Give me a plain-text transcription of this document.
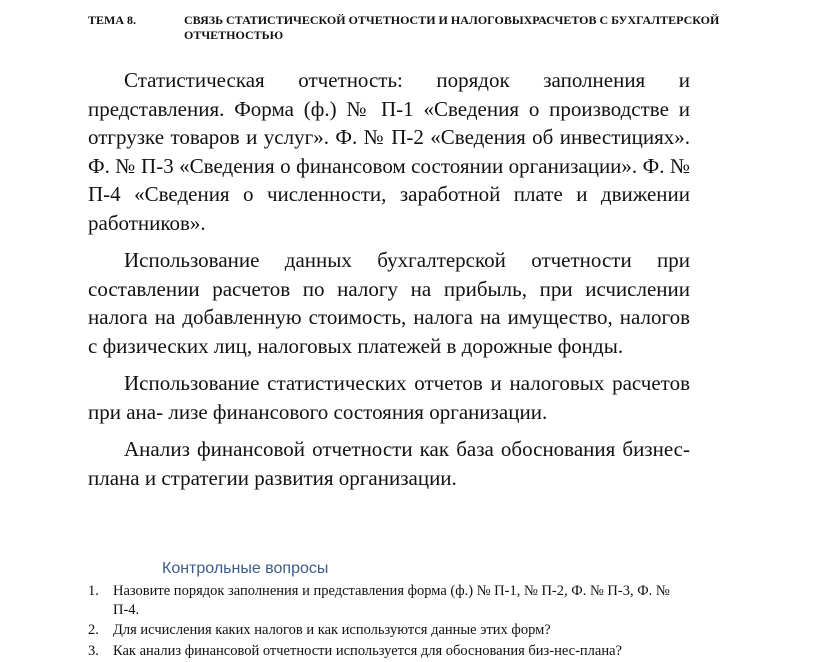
ТЕМА 8.	СВЯЗЬ СТАТИСТИЧЕСКОЙ ОТЧЕТНОСТИ И НАЛОГОВЫХРАСЧЕТОВ С БУХГАЛТЕРСКОЙ ОТЧЕТНОСТЬЮ

Статистическая отчетность: порядок заполнения и представления. Форма (ф.) № П-1 «Сведения о производстве и отгрузке товаров и услуг». Ф. № П-2 «Сведения об инвестициях». Ф. № П-3 «Сведения о финансовом состоянии организации». Ф. № П-4 «Сведения о численности, заработной плате и движении работников».

Использование данных бухгалтерской отчетности при составлении расчетов по налогу на прибыль, при исчислении налога на добавленную стоимость, налога на имущество, налогов с физических лиц, налоговых платежей в дорожные фонды.

Использование статистических отчетов и налоговых расчетов при ана- лизе финансового состояния организации.

Анализ финансовой отчетности как база обоснования бизнес-плана и стратегии развития организации.

Контрольные вопросы
1. Назовите порядок заполнения и представления форма (ф.) № П-1, № П-2, Ф. № П-3, Ф. № П-4.
2. Для исчисления каких налогов и как используются данные этих форм?
3. Как анализ финансовой отчетности используется для обоснования биз-нес-плана?
